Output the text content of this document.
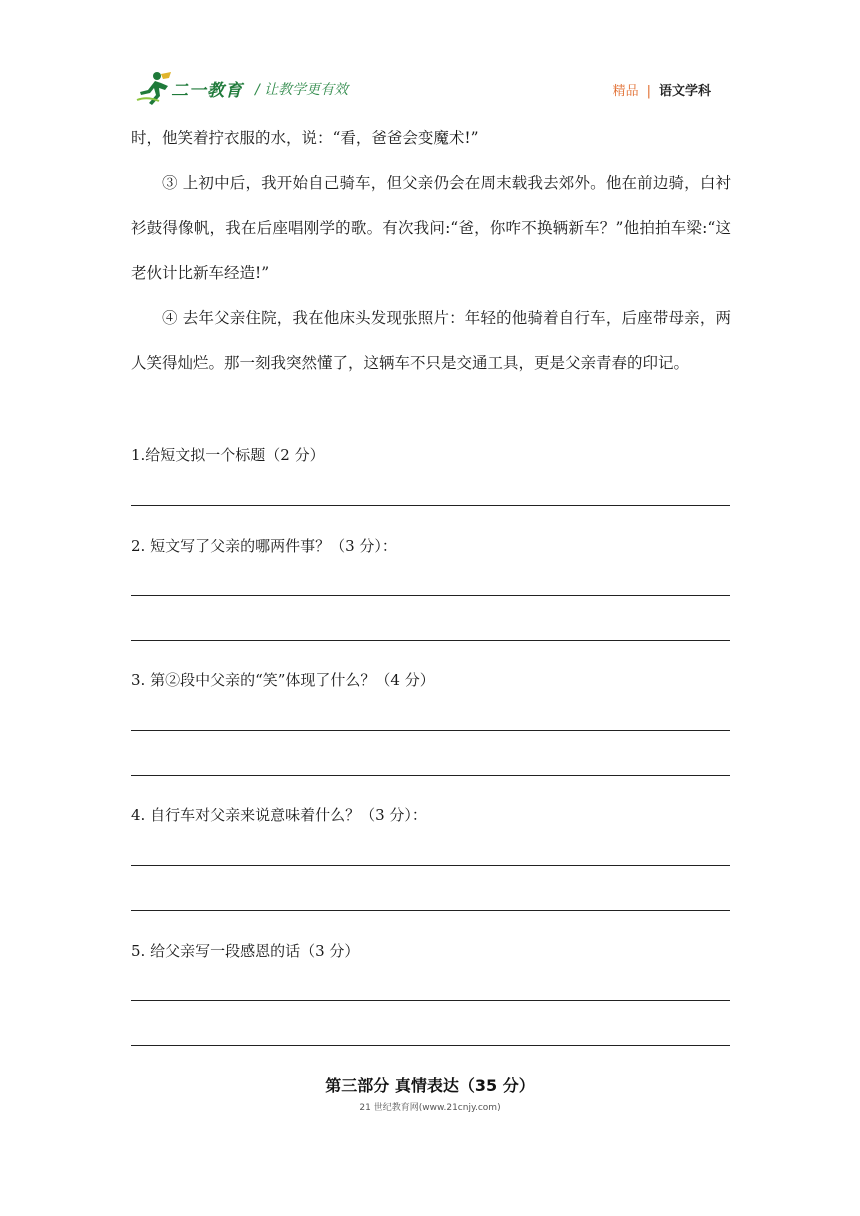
二一教育 / 让教学更有效	精品 | 语文学科

时，他笑着拧衣服的水，说：“看，爸爸会变魔术!”

③ 上初中后，我开始自己骑车，但父亲仍会在周末载我去郊外。他在前边骑，白衬衫鼓得像帆，我在后座唱刚学的歌。有次我问:“爸，你咋不换辆新车？”他拍拍车梁:“这老伙计比新车经造!”

④ 去年父亲住院，我在他床头发现张照片：年轻的他骑着自行车，后座带母亲，两人笑得灿烂。那一刻我突然懂了，这辆车不只是交通工具，更是父亲青春的印记。

1.给短文拟一个标题（2 分）

2. 短文写了父亲的哪两件事？（3 分）：

3. 第②段中父亲的“笑”体现了什么？（4 分）

4. 自行车对父亲来说意味着什么？（3 分）：

5. 给父亲写一段感恩的话（3 分）

第三部分 真情表达（35 分）
21 世纪教育网(www.21cnjy.com)
